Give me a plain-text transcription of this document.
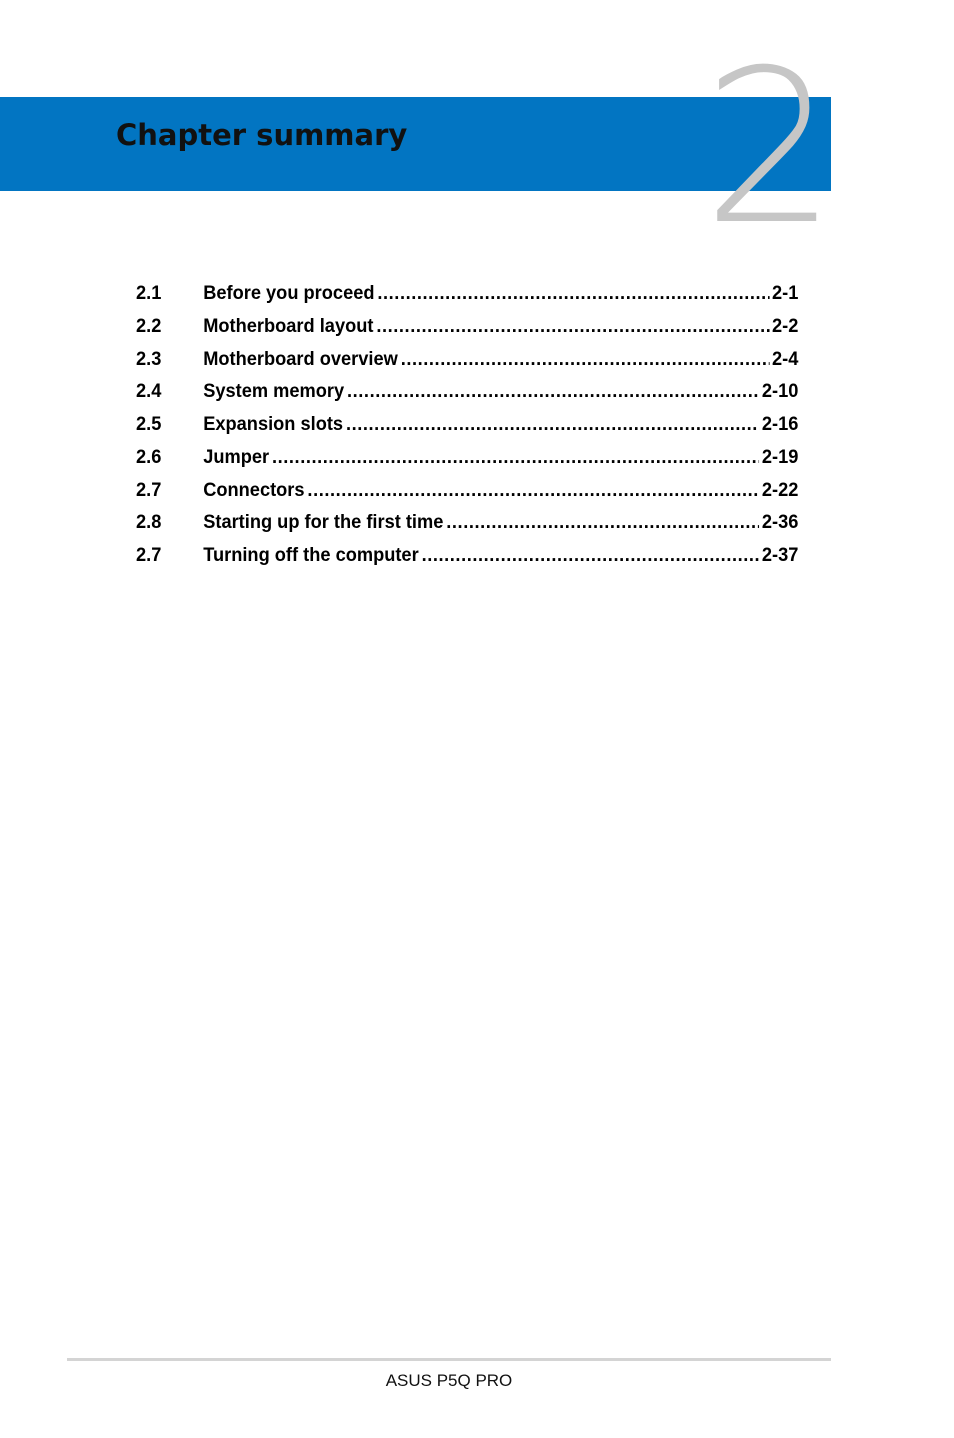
Chapter summary 2
2.1	Before you proceed .....	2-1
2.2	Motherboard layout .....	2-2
2.3	Motherboard overview .....	2-4
2.4	System memory .....	2-10
2.5	Expansion slots .....	2-16
2.6	Jumper .....	2-19
2.7	Connectors .....	2-22
2.8	Starting up for the first time .....	2-36
2.7	Turning off the computer .....	2-37
ASUS P5Q PRO
